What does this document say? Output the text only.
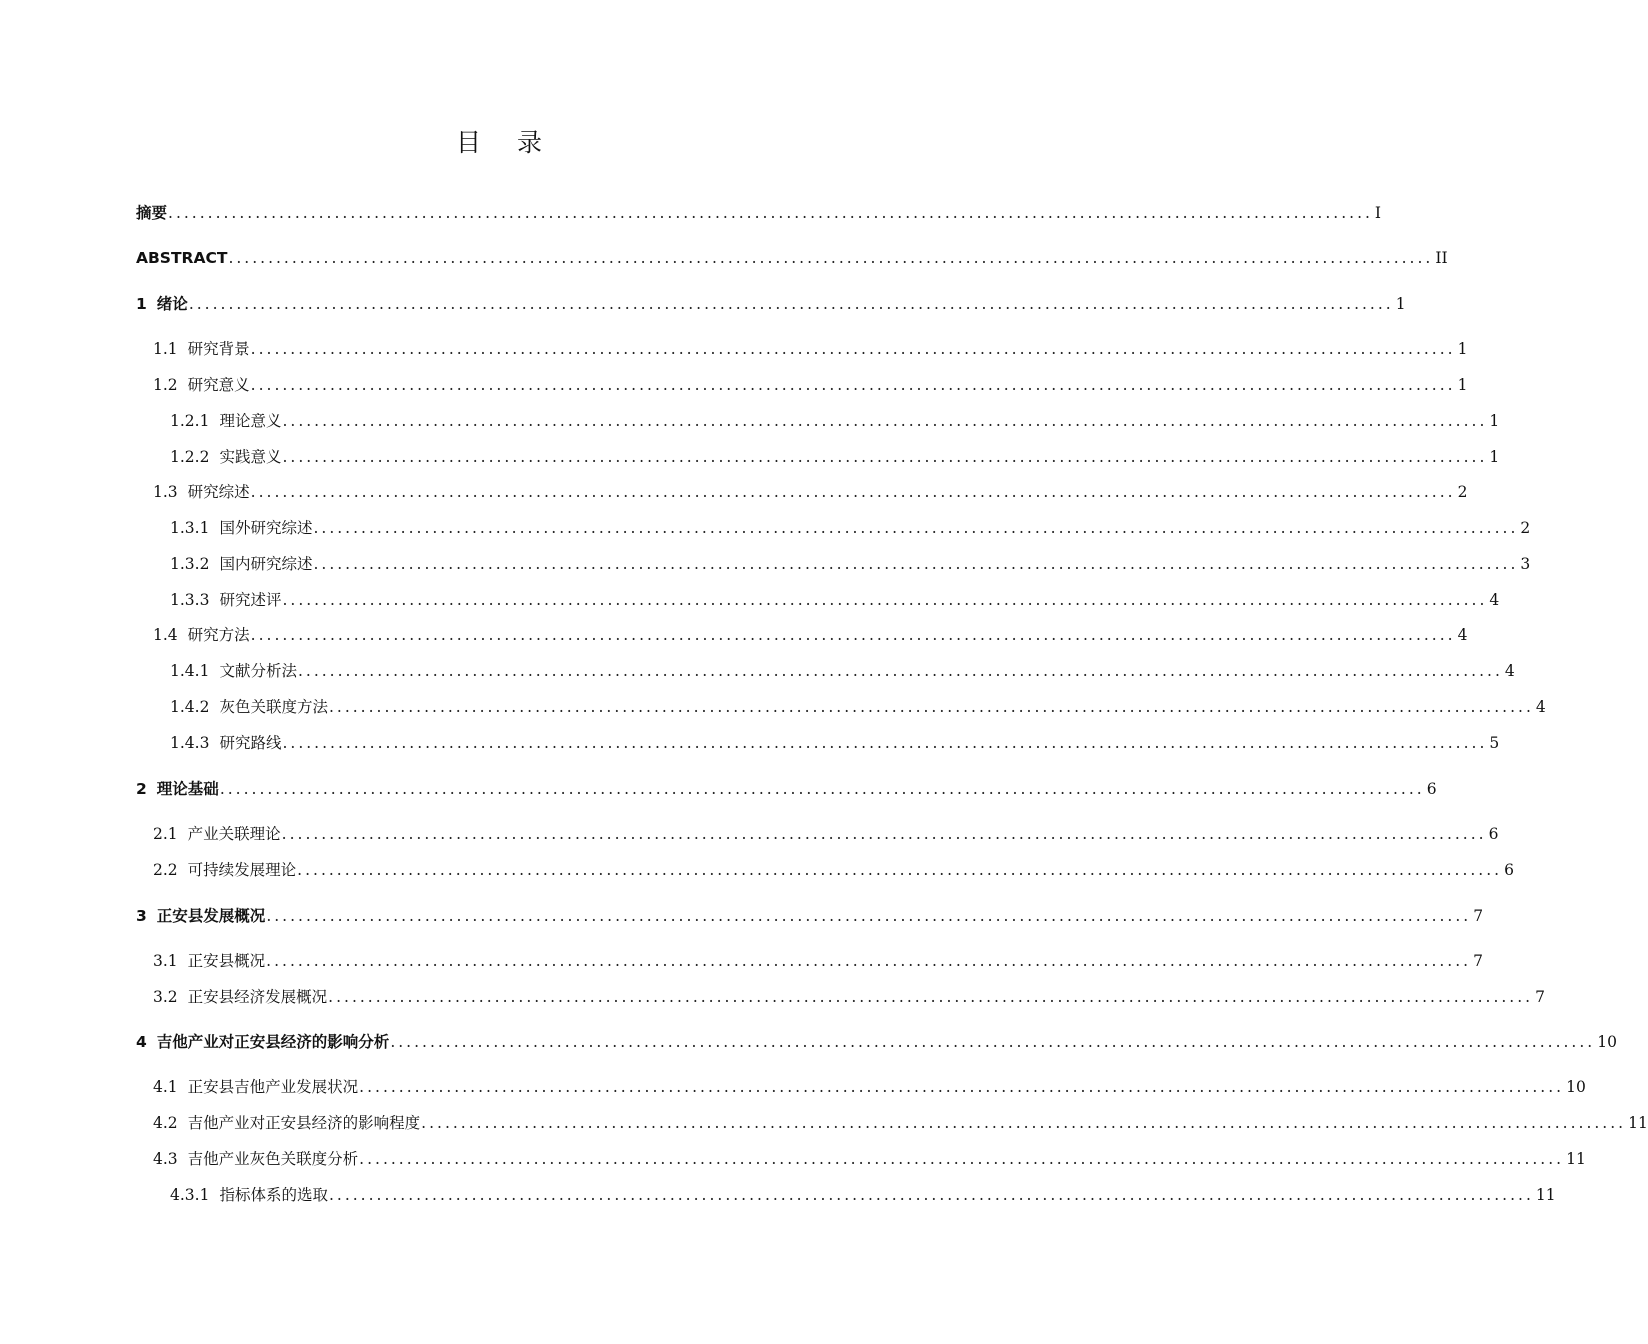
目 录
摘要 ........................................................................................................................................................ I
ABSTRACT ........................................................................................................................................................ II
1 绪论 ........................................................................................................................................................ 1
1.1 研究背景 ........................................................................................................................................................ 1
1.2 研究意义 ........................................................................................................................................................ 1
1.2.1 理论意义 ........................................................................................................................................................ 1
1.2.2 实践意义 ........................................................................................................................................................ 1
1.3 研究综述 ........................................................................................................................................................ 2
1.3.1 国外研究综述 ........................................................................................................................................................ 2
1.3.2 国内研究综述 ........................................................................................................................................................ 3
1.3.3 研究述评 ........................................................................................................................................................ 4
1.4 研究方法 ........................................................................................................................................................ 4
1.4.1 文献分析法 ........................................................................................................................................................ 4
1.4.2 灰色关联度方法 ........................................................................................................................................................ 4
1.4.3 研究路线 ........................................................................................................................................................ 5
2 理论基础 ........................................................................................................................................................ 6
2.1 产业关联理论 ........................................................................................................................................................ 6
2.2 可持续发展理论 ........................................................................................................................................................ 6
3 正安县发展概况 ........................................................................................................................................................ 7
3.1 正安县概况 ........................................................................................................................................................ 7
3.2 正安县经济发展概况 ........................................................................................................................................................ 7
4 吉他产业对正安县经济的影响分析 ........................................................................................................................................................ 10
4.1 正安县吉他产业发展状况 ........................................................................................................................................................ 10
4.2 吉他产业对正安县经济的影响程度 ........................................................................................................................................................ 11
4.3 吉他产业灰色关联度分析 ........................................................................................................................................................ 11
4.3.1 指标体系的选取 ........................................................................................................................................................ 11
